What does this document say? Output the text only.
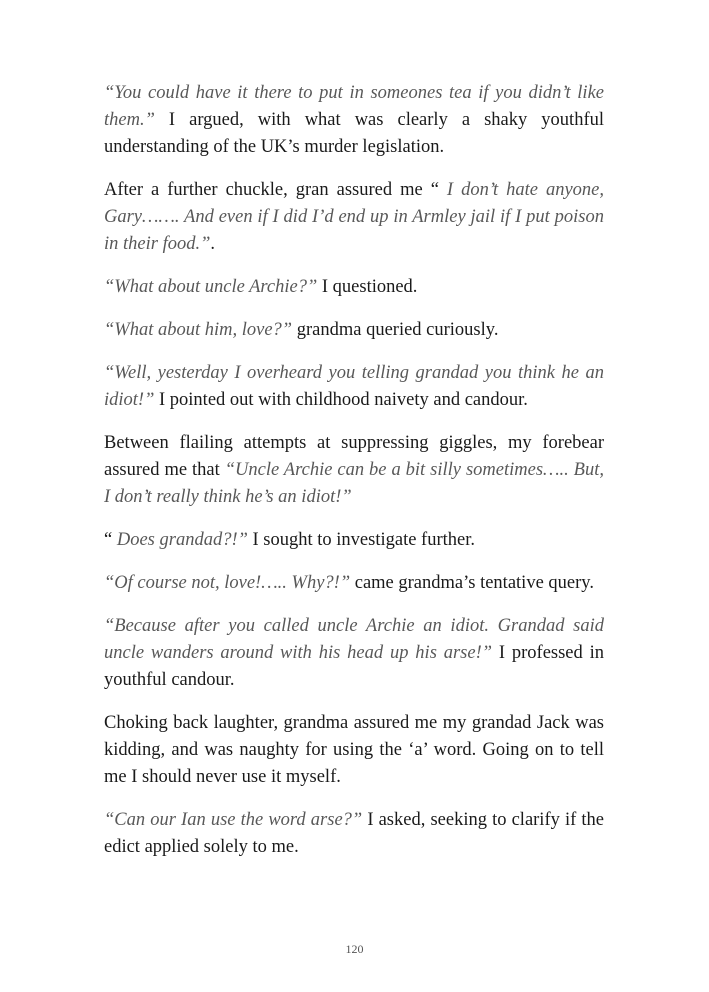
“You could have it there to put in someones tea if you didn’t like them.” I argued, with what was clearly a shaky youthful understanding of the UK’s murder legislation.

After a further chuckle, gran assured me “ I don’t hate anyone, Gary……. And even if I did I’d end up in Armley jail if I put poison in their food.”.

“What about uncle Archie?” I questioned.

“What about him, love?” grandma queried curiously.

“Well, yesterday I overheard you telling grandad you think he an idiot!” I pointed out with childhood naivety and candour.

Between flailing attempts at suppressing giggles, my forebear assured me that “Uncle Archie can be a bit silly sometimes….. But, I don’t really think he’s an idiot!”

“ Does grandad?!” I sought to investigate further.

“Of course not, love!….. Why?!” came grandma’s tentative query.

“Because after you called uncle Archie an idiot. Grandad said uncle wanders around with his head up his arse!” I professed in youthful candour.

Choking back laughter, grandma assured me my grandad Jack was kidding, and was naughty for using the ‘a’ word. Going on to tell me I should never use it myself.

“Can our Ian use the word arse?” I asked, seeking to clarify if the edict applied solely to me.

120
